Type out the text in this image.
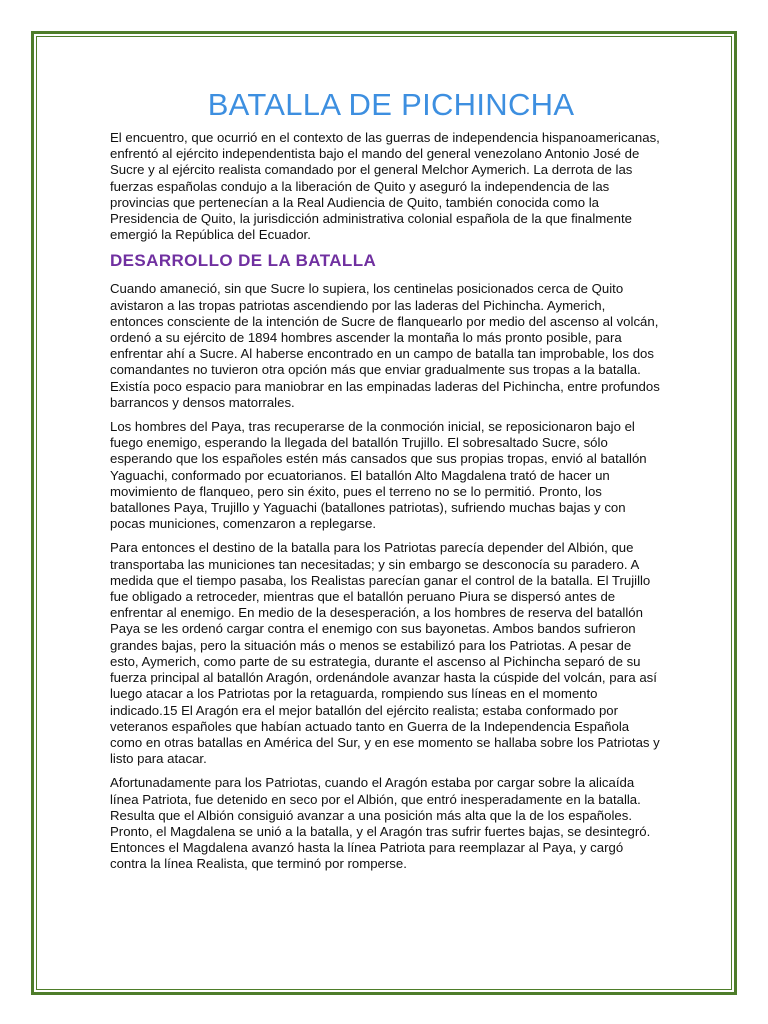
BATALLA DE PICHINCHA

El encuentro, que ocurrió en el contexto de las guerras de independencia hispanoamericanas, enfrentó al ejército independentista bajo el mando del general venezolano Antonio José de Sucre y al ejército realista comandado por el general Melchor Aymerich. La derrota de las fuerzas españolas condujo a la liberación de Quito y aseguró la independencia de las provincias que pertenecían a la Real Audiencia de Quito, también conocida como la Presidencia de Quito, la jurisdicción administrativa colonial española de la que finalmente emergió la República del Ecuador.

DESARROLLO DE LA BATALLA

Cuando amaneció, sin que Sucre lo supiera, los centinelas posicionados cerca de Quito avistaron a las tropas patriotas ascendiendo por las laderas del Pichincha. Aymerich, entonces consciente de la intención de Sucre de flanquearlo por medio del ascenso al volcán, ordenó a su ejército de 1894 hombres ascender la montaña lo más pronto posible, para enfrentar ahí a Sucre. Al haberse encontrado en un campo de batalla tan improbable, los dos comandantes no tuvieron otra opción más que enviar gradualmente sus tropas a la batalla. Existía poco espacio para maniobrar en las empinadas laderas del Pichincha, entre profundos barrancos y densos matorrales.

Los hombres del Paya, tras recuperarse de la conmoción inicial, se reposicionaron bajo el fuego enemigo, esperando la llegada del batallón Trujillo. El sobresaltado Sucre, sólo esperando que los españoles estén más cansados que sus propias tropas, envió al batallón Yaguachi, conformado por ecuatorianos. El batallón Alto Magdalena trató de hacer un movimiento de flanqueo, pero sin éxito, pues el terreno no se lo permitió. Pronto, los batallones Paya, Trujillo y Yaguachi (batallones patriotas), sufriendo muchas bajas y con pocas municiones, comenzaron a replegarse.

Para entonces el destino de la batalla para los Patriotas parecía depender del Albión, que transportaba las municiones tan necesitadas; y sin embargo se desconocía su paradero. A medida que el tiempo pasaba, los Realistas parecían ganar el control de la batalla. El Trujillo fue obligado a retroceder, mientras que el batallón peruano Piura se dispersó antes de enfrentar al enemigo. En medio de la desesperación, a los hombres de reserva del batallón Paya se les ordenó cargar contra el enemigo con sus bayonetas. Ambos bandos sufrieron grandes bajas, pero la situación más o menos se estabilizó para los Patriotas. A pesar de esto, Aymerich, como parte de su estrategia, durante el ascenso al Pichincha separó de su fuerza principal al batallón Aragón, ordenándole avanzar hasta la cúspide del volcán, para así luego atacar a los Patriotas por la retaguarda, rompiendo sus líneas en el momento indicado.15 El Aragón era el mejor batallón del ejército realista; estaba conformado por veteranos españoles que habían actuado tanto en Guerra de la Independencia Española como en otras batallas en América del Sur, y en ese momento se hallaba sobre los Patriotas y listo para atacar.

Afortunadamente para los Patriotas, cuando el Aragón estaba por cargar sobre la alicaída línea Patriota, fue detenido en seco por el Albión, que entró inesperadamente en la batalla. Resulta que el Albión consiguió avanzar a una posición más alta que la de los españoles. Pronto, el Magdalena se unió a la batalla, y el Aragón tras sufrir fuertes bajas, se desintegró. Entonces el Magdalena avanzó hasta la línea Patriota para reemplazar al Paya, y cargó contra la línea Realista, que terminó por romperse.
